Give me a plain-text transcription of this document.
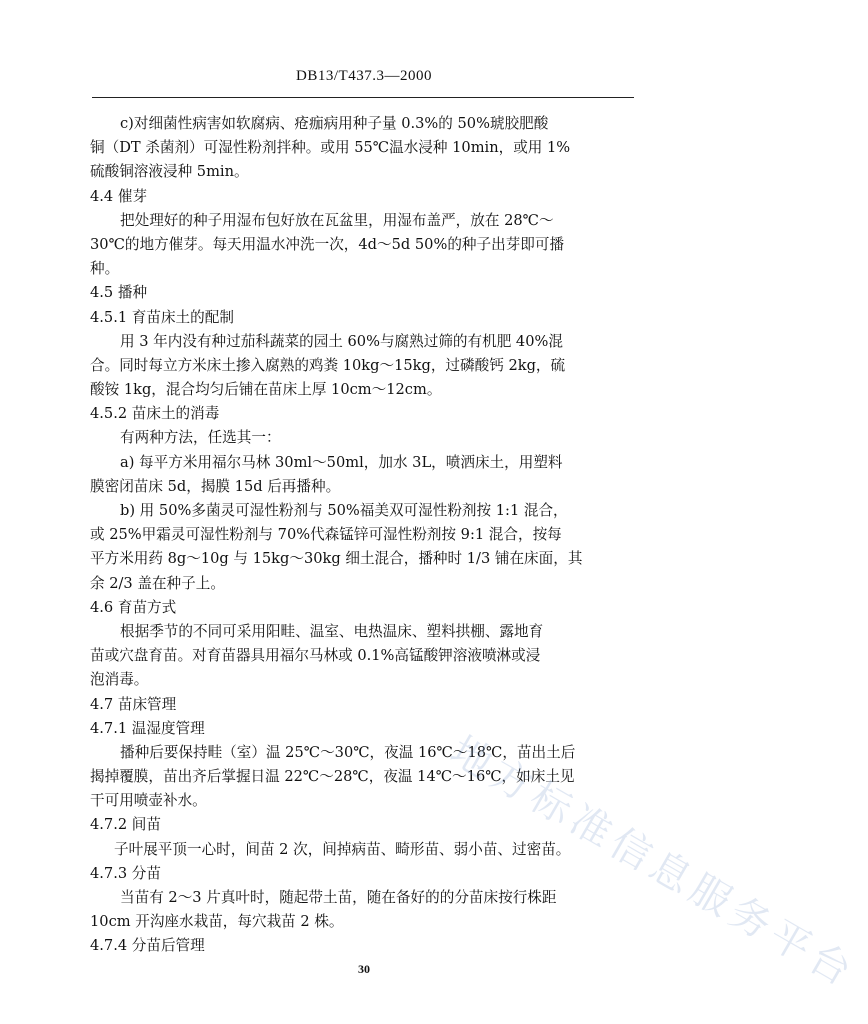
DB13/T437.3—2000
c)对细菌性病害如软腐病、疮痂病用种子量 0.3%的 50%琥胶肥酸
铜（DT 杀菌剂）可湿性粉剂拌种。或用 55℃温水浸种 10min，或用 1%
硫酸铜溶液浸种 5min。
4.4 催芽
把处理好的种子用湿布包好放在瓦盆里，用湿布盖严，放在 28℃～
30℃的地方催芽。每天用温水冲洗一次，4d～5d 50%的种子出芽即可播
种。
4.5 播种
4.5.1 育苗床土的配制
用 3 年内没有种过茄科蔬菜的园土 60%与腐熟过筛的有机肥 40%混
合。同时每立方米床土掺入腐熟的鸡粪 10kg～15kg，过磷酸钙 2kg，硫
酸铵 1kg，混合均匀后铺在苗床上厚 10cm～12cm。
4.5.2 苗床土的消毒
有两种方法，任选其一：
a) 每平方米用福尔马林 30ml～50ml，加水 3L，喷洒床土，用塑料
膜密闭苗床 5d，揭膜 15d 后再播种。
b) 用 50%多菌灵可湿性粉剂与 50%福美双可湿性粉剂按 1:1 混合，
或 25%甲霜灵可湿性粉剂与 70%代森锰锌可湿性粉剂按 9:1 混合，按每
平方米用药 8g～10g 与 15kg～30kg 细土混合，播种时 1/3 铺在床面，其
余 2/3 盖在种子上。
4.6 育苗方式
根据季节的不同可采用阳畦、温室、电热温床、塑料拱棚、露地育
苗或穴盘育苗。对育苗器具用福尔马林或 0.1%高锰酸钾溶液喷淋或浸
泡消毒。
4.7 苗床管理
4.7.1 温湿度管理
播种后要保持畦（室）温 25℃～30℃，夜温 16℃～18℃，苗出土后
揭掉覆膜，苗出齐后掌握日温 22℃～28℃，夜温 14℃～16℃，如床土见
干可用喷壶补水。
4.7.2 间苗
子叶展平顶一心时，间苗 2 次，间掉病苗、畸形苗、弱小苗、过密苗。
4.7.3 分苗
当苗有 2～3 片真叶时，随起带土苗，随在备好的的分苗床按行株距
10cm 开沟座水栽苗，每穴栽苗 2 株。
4.7.4 分苗后管理	地方标准信息服务平台
30
